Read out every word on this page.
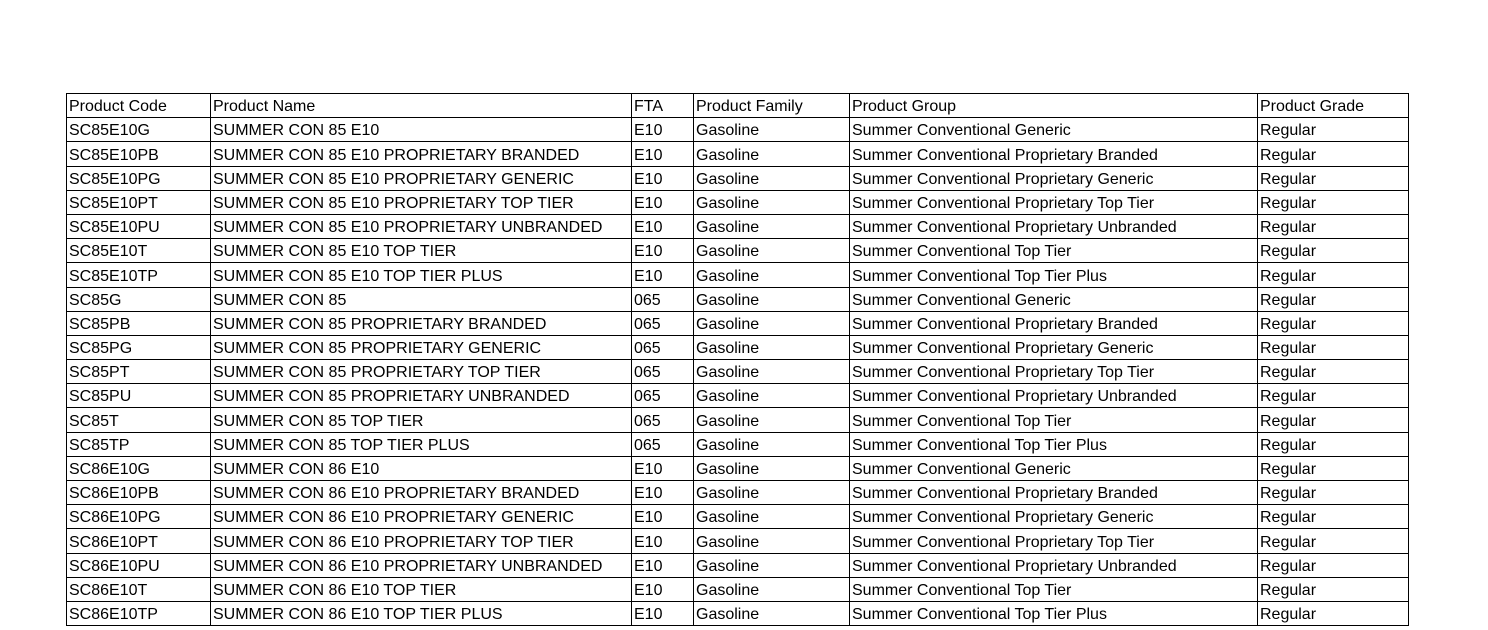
Product Code	Product Name	FTA	Product Family	Product Group	Product Grade
SC85E10G	SUMMER CON 85 E10	E10	Gasoline	Summer Conventional Generic	Regular
SC85E10PB	SUMMER CON 85 E10 PROPRIETARY BRANDED	E10	Gasoline	Summer Conventional Proprietary Branded	Regular
SC85E10PG	SUMMER CON 85 E10 PROPRIETARY GENERIC	E10	Gasoline	Summer Conventional Proprietary Generic	Regular
SC85E10PT	SUMMER CON 85 E10 PROPRIETARY TOP TIER	E10	Gasoline	Summer Conventional Proprietary Top Tier	Regular
SC85E10PU	SUMMER CON 85 E10 PROPRIETARY UNBRANDED	E10	Gasoline	Summer Conventional Proprietary Unbranded	Regular
SC85E10T	SUMMER CON 85 E10 TOP TIER	E10	Gasoline	Summer Conventional Top Tier	Regular
SC85E10TP	SUMMER CON 85 E10 TOP TIER PLUS	E10	Gasoline	Summer Conventional Top Tier Plus	Regular
SC85G	SUMMER CON 85	065	Gasoline	Summer Conventional Generic	Regular
SC85PB	SUMMER CON 85 PROPRIETARY BRANDED	065	Gasoline	Summer Conventional Proprietary Branded	Regular
SC85PG	SUMMER CON 85 PROPRIETARY GENERIC	065	Gasoline	Summer Conventional Proprietary Generic	Regular
SC85PT	SUMMER CON 85 PROPRIETARY TOP TIER	065	Gasoline	Summer Conventional Proprietary Top Tier	Regular
SC85PU	SUMMER CON 85 PROPRIETARY UNBRANDED	065	Gasoline	Summer Conventional Proprietary Unbranded	Regular
SC85T	SUMMER CON 85 TOP TIER	065	Gasoline	Summer Conventional Top Tier	Regular
SC85TP	SUMMER CON 85 TOP TIER PLUS	065	Gasoline	Summer Conventional Top Tier Plus	Regular
SC86E10G	SUMMER CON 86 E10	E10	Gasoline	Summer Conventional Generic	Regular
SC86E10PB	SUMMER CON 86 E10 PROPRIETARY BRANDED	E10	Gasoline	Summer Conventional Proprietary Branded	Regular
SC86E10PG	SUMMER CON 86 E10 PROPRIETARY GENERIC	E10	Gasoline	Summer Conventional Proprietary Generic	Regular
SC86E10PT	SUMMER CON 86 E10 PROPRIETARY TOP TIER	E10	Gasoline	Summer Conventional Proprietary Top Tier	Regular
SC86E10PU	SUMMER CON 86 E10 PROPRIETARY UNBRANDED	E10	Gasoline	Summer Conventional Proprietary Unbranded	Regular
SC86E10T	SUMMER CON 86 E10 TOP TIER	E10	Gasoline	Summer Conventional Top Tier	Regular
SC86E10TP	SUMMER CON 86 E10 TOP TIER PLUS	E10	Gasoline	Summer Conventional Top Tier Plus	Regular
